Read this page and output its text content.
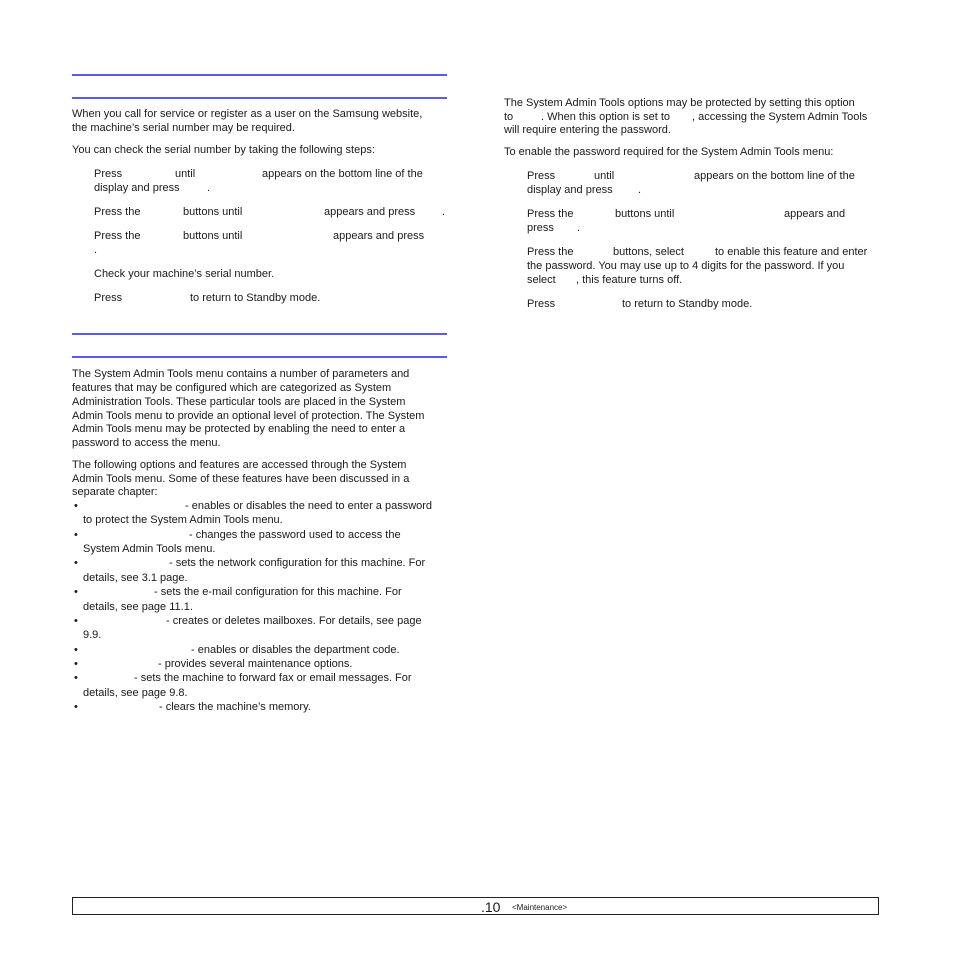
When you call for service or register as a user on the Samsung website,
the machine’s serial number may be required.
You can check the serial number by taking the following steps:
Press	until	appears on the bottom line of the
display and press .
Press the	buttons until	appears and press .
Press the	buttons until	appears and press
.
Check your machine’s serial number.
Press	to return to Standby mode.
The System Admin Tools menu contains a number of parameters and
features that may be configured which are categorized as System
Administration Tools. These particular tools are placed in the System
Admin Tools menu to provide an optional level of protection. The System
Admin Tools menu may be protected by enabling the need to enter a
password to access the menu.
The following options and features are accessed through the System
Admin Tools menu. Some of these features have been discussed in a
separate chapter:
•	- enables or disables the need to enter a password
to protect the System Admin Tools menu.
•	- changes the password used to access the
System Admin Tools menu.
•	- sets the network configuration for this machine. For
details, see 3.1 page.
•	- sets the e-mail configuration for this machine. For
details, see page 11.1.
•	- creates or deletes mailboxes. For details, see page
9.9.
•	- enables or disables the department code.
•	- provides several maintenance options.
•	- sets the machine to forward fax or email messages. For
details, see page 9.8.
•	- clears the machine’s memory.
The System Admin Tools options may be protected by setting this option
to	. When this option is set to , accessing the System Admin Tools
will require entering the password.
To enable the password required for the System Admin Tools menu:
Press	until	appears on the bottom line of the
display and press .
Press the	buttons until	appears and
press .
Press the	buttons, select	to enable this feature and enter
the password. You may use up to 4 digits for the password. If you
select , this feature turns off.
Press	to return to Standby mode.
.10 <Maintenance>
